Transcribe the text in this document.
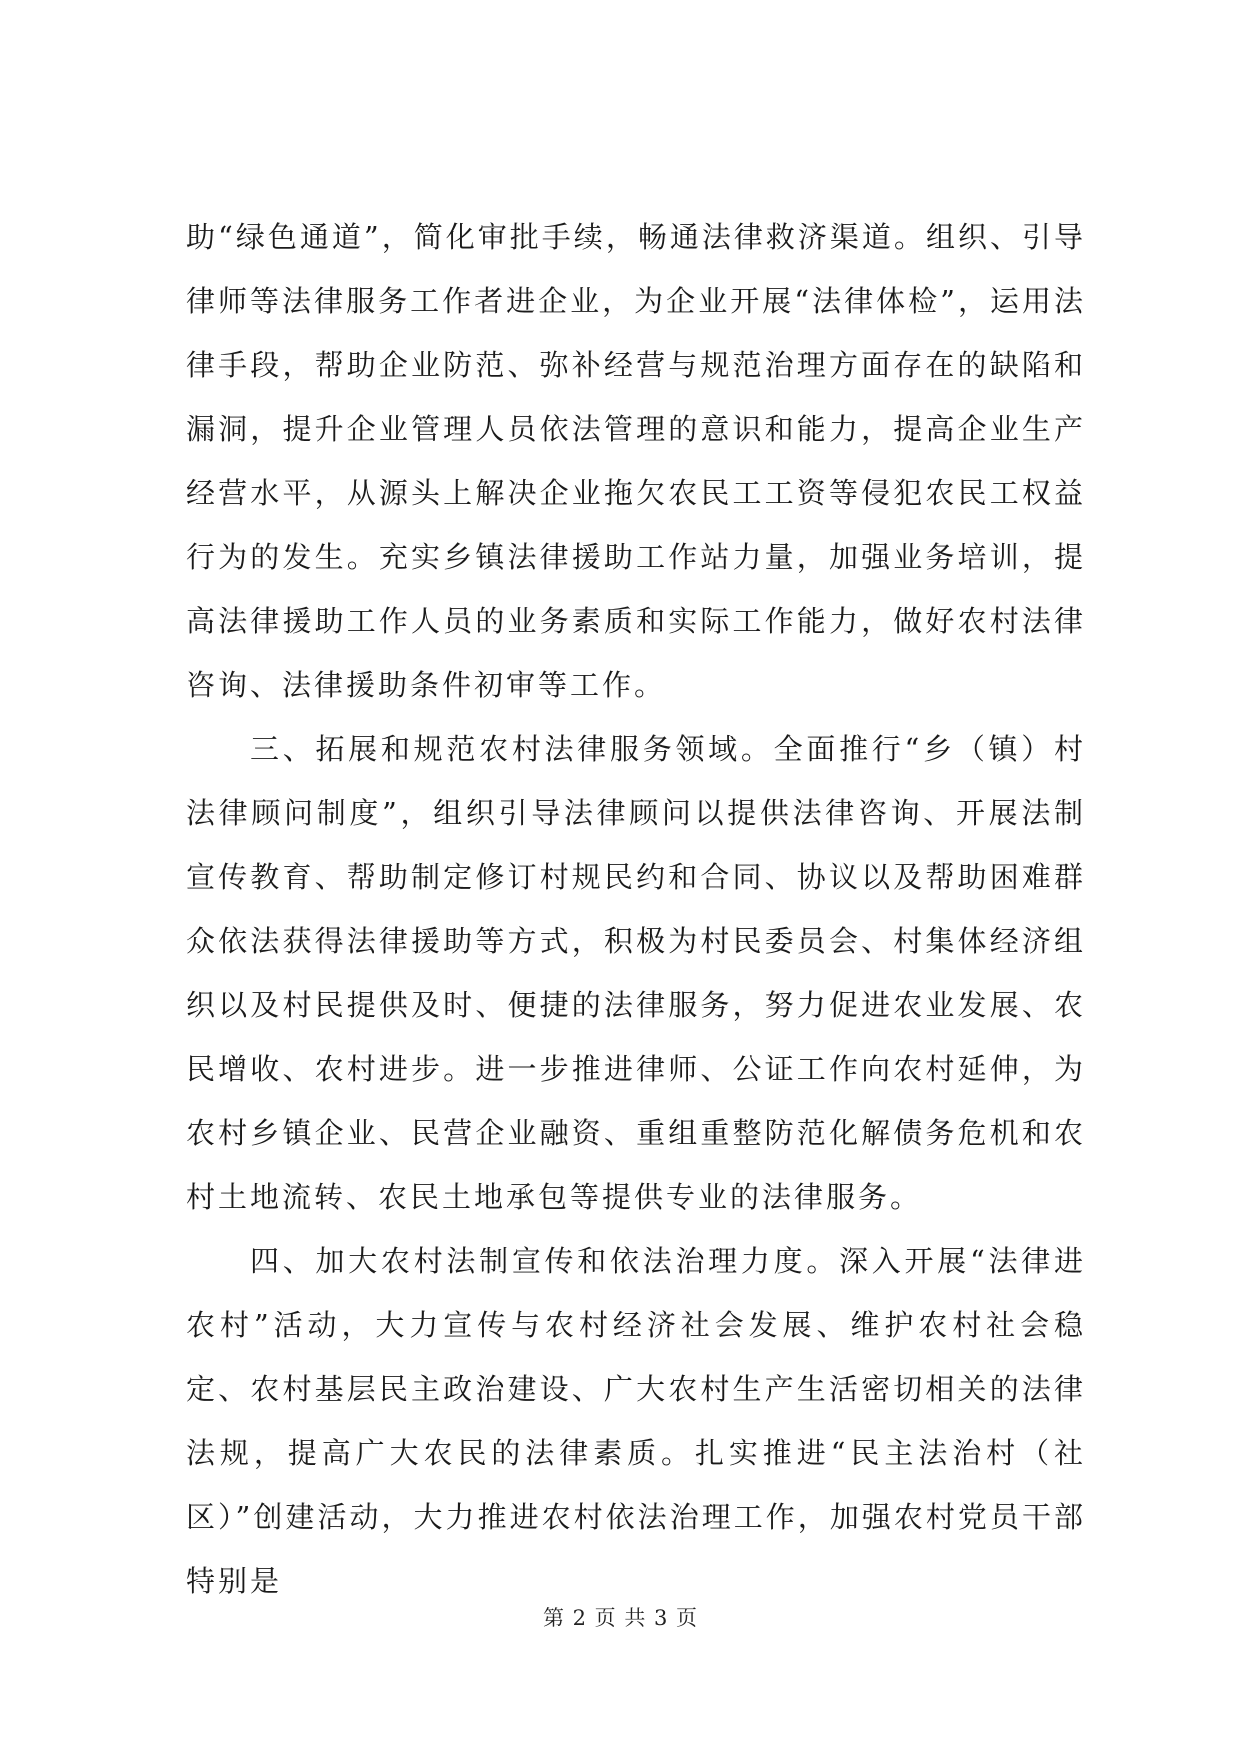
助“绿色通道”，简化审批手续，畅通法律救济渠道。组织、引导律师等法律服务工作者进企业，为企业开展“法律体检”，运用法律手段，帮助企业防范、弥补经营与规范治理方面存在的缺陷和漏洞，提升企业管理人员依法管理的意识和能力，提高企业生产经营水平，从源头上解决企业拖欠农民工工资等侵犯农民工权益行为的发生。充实乡镇法律援助工作站力量，加强业务培训，提高法律援助工作人员的业务素质和实际工作能力，做好农村法律咨询、法律援助条件初审等工作。

三、拓展和规范农村法律服务领域。全面推行“乡（镇）村法律顾问制度”，组织引导法律顾问以提供法律咨询、开展法制宣传教育、帮助制定修订村规民约和合同、协议以及帮助困难群众依法获得法律援助等方式，积极为村民委员会、村集体经济组织以及村民提供及时、便捷的法律服务，努力促进农业发展、农民增收、农村进步。进一步推进律师、公证工作向农村延伸，为农村乡镇企业、民营企业融资、重组重整防范化解债务危机和农村土地流转、农民土地承包等提供专业的法律服务。

四、加大农村法制宣传和依法治理力度。深入开展“法律进农村”活动，大力宣传与农村经济社会发展、维护农村社会稳定、农村基层民主政治建设、广大农村生产生活密切相关的法律法规，提高广大农民的法律素质。扎实推进“民主法治村（社区）”创建活动，大力推进农村依法治理工作，加强农村党员干部特别是

第 2 页 共 3 页
